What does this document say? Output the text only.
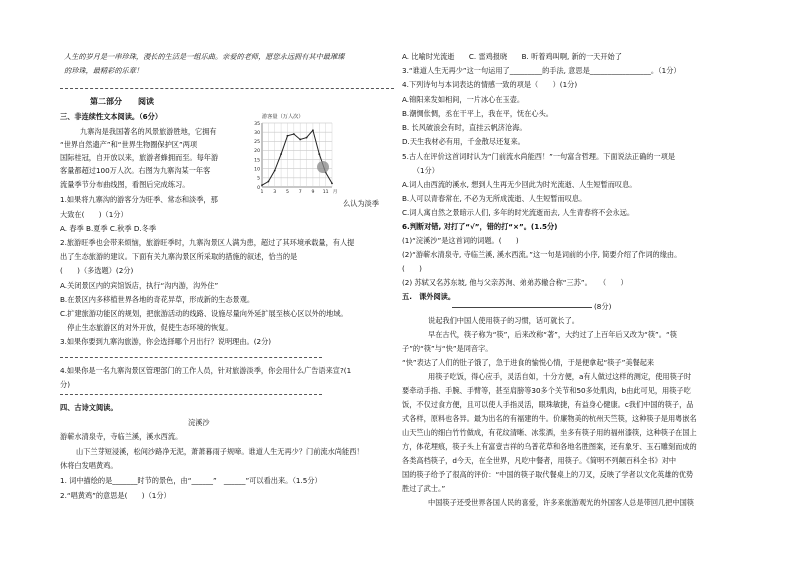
人生的岁月是一串珍珠，漫长的生活是一组乐曲。亲爱的老师，愿您永远拥有其中最璀璨
的珍珠，最精彩的乐章！
第二部分　　阅读
三、非连续性文本阅读。（6分）
九寨沟是我国著名的风景旅游胜地，它拥有
“世界自然遗产”和“世界生物圈保护区”两项
国际桂冠，自开放以来，旅游者蜂拥而至。每年游
客量都超过100万人次。右图为九寨沟某一年客
流量季节分布曲线图，看图后完成练习。
1.如果将九寨沟的游客分为旺季、常态和淡季，那	么认为淡季
大致在(　　)（1分）
A. 春季 B.夏季 C.秋季 D.冬季
2.旅游旺季也会带来烦恼，旅游旺季时，九寨沟景区人满为患，超过了其环境承载量，有人提
出了生态旅游的建议。下面有关九寨沟景区所采取的措施的叙述，恰当的是
(　　)（多选题）(2分)
A.关闭景区内的宾馆饭店，执行“沟内游，沟外住”
B.在景区内多移植世界各地的奇花异草，形成新的生态景观。
C.扩建旅游功能区的规划，把旅游活动的线路、设施尽量向外延扩展至核心区以外的地域。
　停止生态旅游区的对外开放，促使生态环境的恢复。
3.如果你要到九寨沟旅游，你会选择哪个月出行？说明理由。(2分)
4.如果你是一名九寨沟景区管理部门的工作人员，针对旅游淡季，你会用什么广告语来宣?(1
分)
四、古诗文阅读。
浣溪沙
游蕲水清泉寺，寺临兰溪，溪水西流。
山下兰芽短浸溪，松间沙路净无泥，萧萧暮雨子规啼。谁道人生无再少？门前流水尚能西！
休将白发唱黄鸡。
1. 词中描绘的是_______时节的景色，由“______”　______”可以看出来。（1.5分）
2.“唱黄鸡”的意思是(　　)（1分）
游客量（万人次）
0
5
10
15
20
25
30
35
1 3 5 7 9 11 月
A. 比喻时光流逝　　C. 雷鸡报晓　　B. 听着鸡叫啊, 新的一天开始了
3.“谁道人生无再少”这一句运用了_________的手法, 意思是_________________。（1分）
4.下列诗句与本词表达的情感一致的项是（　　）(1分)
A.锦阳来发如相间，一片冰心在玉壶。
B.潮惆伥惆，丞在干平上，我在平，怃在心头。
B. 长风破浪会有时，直挂云帆济沧海。
D.天生我材必有用，千金散尽还复来。
5.古人在评价这首词时认为“门前流水尚能西！”一句富含哲理。下面说法正确的一项是
　　（1分）
A.词人由西流的溪水, 想到人生再无少回此为时光流逝、人生短暂而叹息。
B.人可以青春常在, 不必为无所成流逝、人生短暂而叹息。
C.词人寓自然之景暗示人们, 多年的时光流逝而去, 人生青春将不会永远。
6.判断对错, 对打了“√”，错的打“×”。(1.5分)
(1)“浣溪沙”是这首词的词题。(　　)
(2)“游蕲水清泉寺, 寺临兰溪, 溪水西流。”这一句是词前的小序, 简要介绍了作词的缘由。
(　　)
(2) 苏轼又名苏东坡, 他与父亲苏洵、弟弟苏辙合称“三苏”。　　（　　）
五.　课外阅读。
(8分)
说起我们中国人使用筷子的习惯，话可就长了。
早在古代，筷子称为“筷”，后来改称“著”，大约过了上百年后又改为“筷”。“筷
子”的“筷”与“快”是同音字。
“快”表达了人们的肚子饿了，急于进食的愉悦心情，于是便拿起“筷子”美餐起来
用筷子吃饭，得心应手，灵活自如，十分方便，a有人做过这样的测定，使用筷子时
要牵动手指、手腕、手臂等，甚至肩膀等30多个关节和50多处肌肉，b由此可见，用筷子吃
饭，不仅过食方便，且可以使人手指灵活，眼珠敏捷，有益身心健康。c我们中国的筷子，品
式各样，原料也各异。最为出名的有福建的牛。价廉物美的杭州天竺筷，这种筷子是用粤嵌名
山天竺山的细白竹竹做成，有花纹清晰、冰浆洒，坐多有筷子用的福州漆筷，这种筷子在国上
方，体花埋痕，筷子头上有富壹吉祥的乌普花草和各地名胜图案，还有象牙、玉石雕刻而成的
各类高档筷子，d今天，在全世界，凡吃中餐者，用筷子。《简明不列颠百科全书》对中
国的筷子给予了很高的评价：“中国的筷子取代餐桌上的刀叉，反映了学者以文化英雄的优势
胜过了武士。”
中国筷子还受世界各国人民的喜爱，许多来旅游观光的外国客人总是带回几把中国筷
